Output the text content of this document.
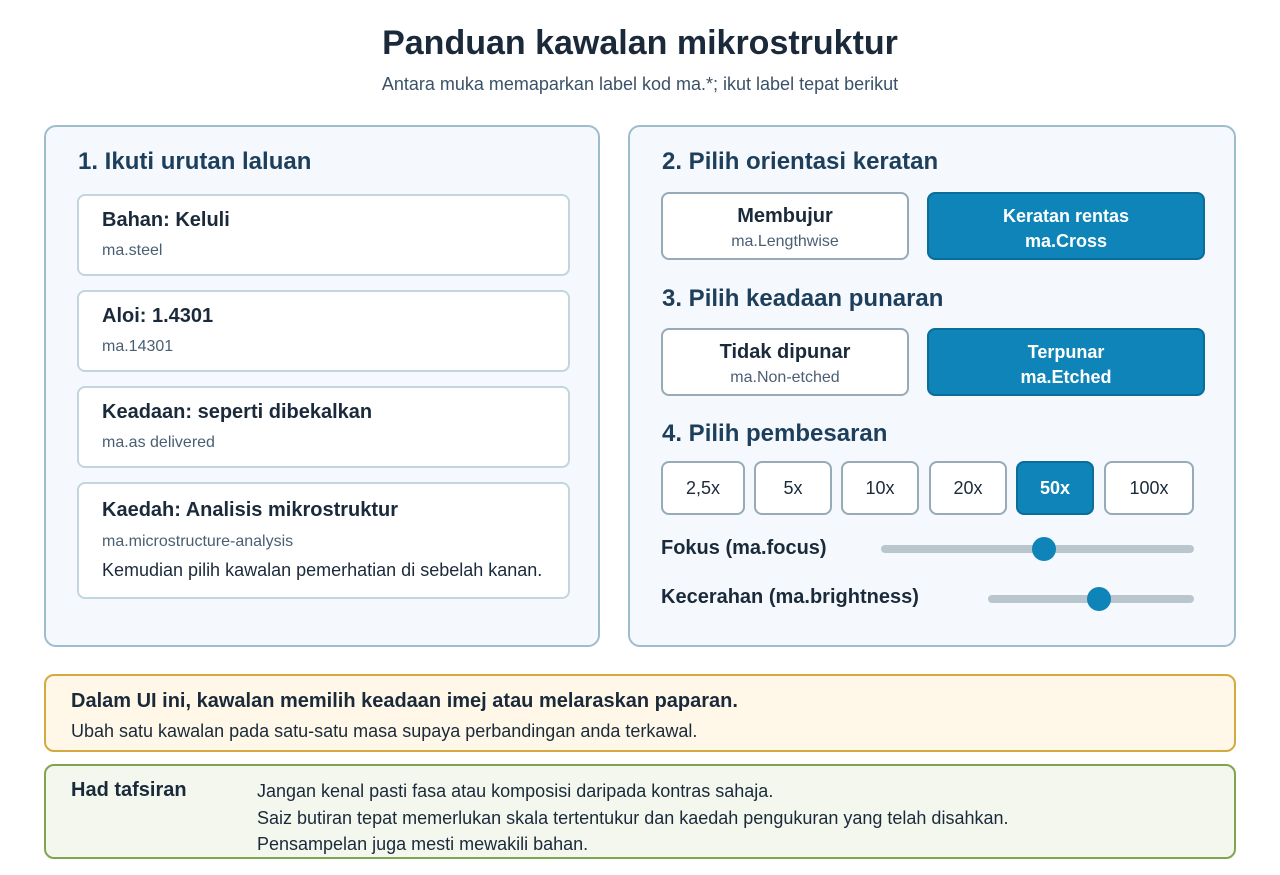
Panduan kawalan mikrostruktur
Antara muka memaparkan label kod ma.*; ikut label tepat berikut
1. Ikuti urutan laluan
Bahan: Keluli
ma.steel
Aloi: 1.4301
ma.14301
Keadaan: seperti dibekalkan
ma.as delivered
Kaedah: Analisis mikrostruktur
ma.microstructure-analysis
Kemudian pilih kawalan pemerhatian di sebelah kanan.
2. Pilih orientasi keratan
Membujur
ma.Lengthwise
Keratan rentas
ma.Cross
3. Pilih keadaan punaran
Tidak dipunar
ma.Non-etched
Terpunar
ma.Etched
4. Pilih pembesaran
2,5x	5x	10x	20x	50x	100x
Fokus (ma.focus)
Kecerahan (ma.brightness)
Dalam UI ini, kawalan memilih keadaan imej atau melaraskan paparan.
Ubah satu kawalan pada satu-satu masa supaya perbandingan anda terkawal.
Had tafsiran	Jangan kenal pasti fasa atau komposisi daripada kontras sahaja.
Saiz butiran tepat memerlukan skala tertentukur dan kaedah pengukuran yang telah disahkan.
Pensampelan juga mesti mewakili bahan.
